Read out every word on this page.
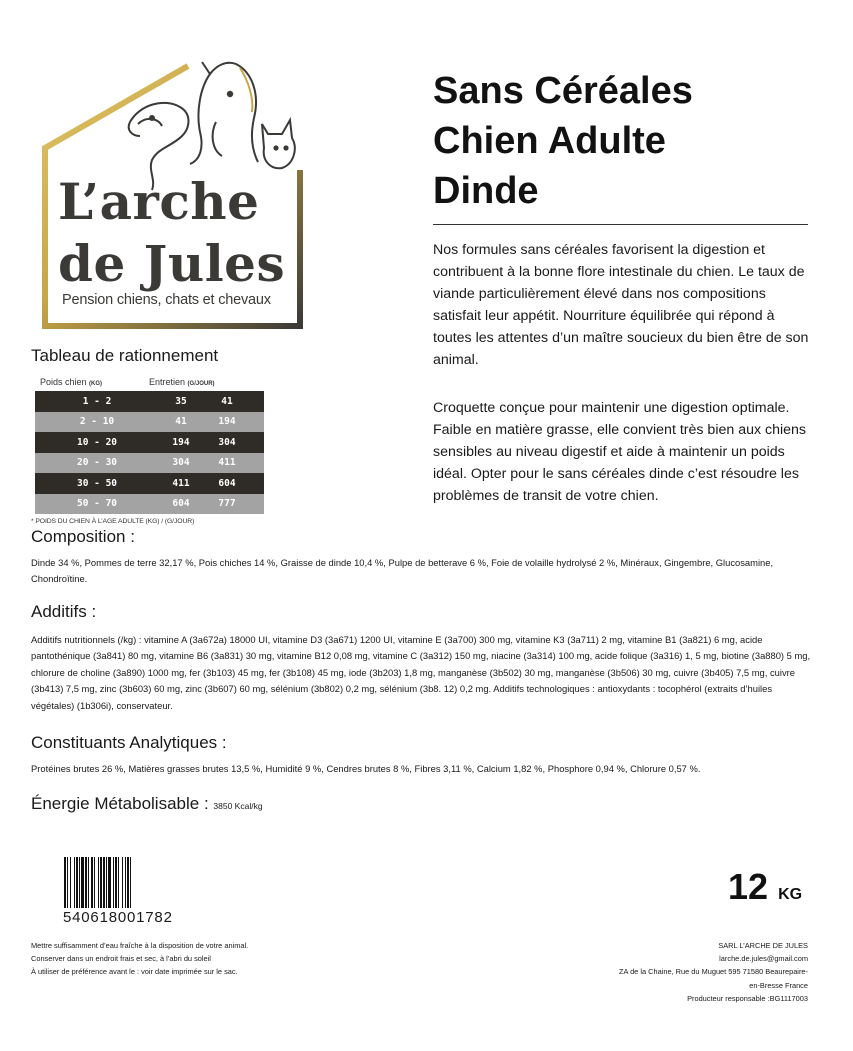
L’arche
de Jules
Pension chiens, chats et chevaux
Sans Céréales
Chien Adulte
Dinde
Nos formules sans céréales favorisent la digestion et contribuent à la bonne flore intestinale du chien. Le taux de viande particulièrement élevé dans nos compositions satisfait leur appétit. Nourriture équilibrée qui répond à toutes les attentes d’un maître soucieux du bien être de son animal.
Croquette conçue pour maintenir une digestion optimale. Faible en matière grasse, elle convient très bien aux chiens sensibles au niveau digestif et aide à maintenir un poids idéal. Opter pour le sans céréales dinde c’est résoudre les problèmes de transit de votre chien.
Tableau de rationnement
Poids chien (KG)	Entretien (G/JOUR)
1 - 2	35	41
2 - 10	41	194
10 - 20	194	304
20 - 30	304	411
30 - 50	411	604
50 - 70	604	777
* POIDS DU CHIEN À L’AGE ADULTE (KG) / (G/JOUR)
Composition :
Dinde 34 %, Pommes de terre 32,17 %, Pois chiches 14 %, Graisse de dinde 10,4 %, Pulpe de betterave 6 %, Foie de volaille hydrolysé 2 %, Minéraux, Gingembre, Glucosamine, Chondroïtine.
Additifs :
Additifs nutritionnels (/kg) : vitamine A (3a672a) 18000 UI, vitamine D3 (3a671) 1200 UI, vitamine E (3a700) 300 mg, vitamine K3 (3a711) 2 mg, vitamine B1 (3a821) 6 mg, acide pantothénique (3a841) 80 mg, vitamine B6 (3a831) 30 mg, vitamine B12 0,08 mg, vitamine C (3a312) 150 mg, niacine (3a314) 100 mg, acide folique (3a316) 1, 5 mg, biotine (3a880) 5 mg, chlorure de choline (3a890) 1000 mg, fer (3b103) 45 mg, fer (3b108) 45 mg, iode (3b203) 1,8 mg, manganèse (3b502) 30 mg, manganèse (3b506) 30 mg, cuivre (3b405) 7,5 mg, cuivre (3b413) 7,5 mg, zinc (3b603) 60 mg, zinc (3b607) 60 mg, sélénium (3b802) 0,2 mg, sélénium (3b8. 12) 0,2 mg. Additifs technologiques : antioxydants : tocophérol (extraits d’huiles végétales) (1b306i), conservateur.
Constituants Analytiques :
Protéines brutes 26 %, Matières grasses brutes 13,5 %, Humidité 9 %, Cendres brutes 8 %, Fibres 3,11 %, Calcium 1,82 %, Phosphore 0,94 %, Chlorure 0,57 %.
Énergie Métabolisable : 3850 Kcal/kg
540618001782
12 KG
Mettre suffisamment d’eau fraîche à la disposition de votre animal.
Conserver dans un endroit frais et sec, à l’abri du soleil
À utiliser de préférence avant le : voir date imprimée sur le sac.
SARL L’ARCHE DE JULES
larche.de.jules@gmail.com
ZA de la Chaine, Rue du Muguet 595 71580 Beaurepaire-
en-Bresse France
Producteur responsable :BG1117003
